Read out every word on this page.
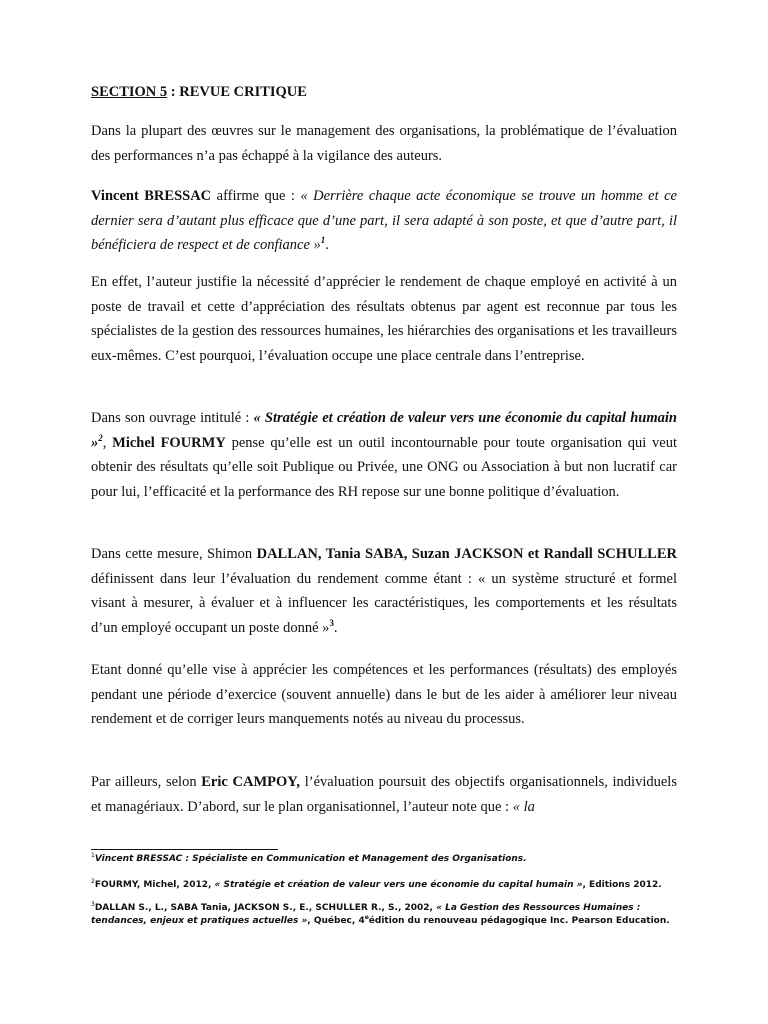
SECTION 5 : REVUE CRITIQUE

Dans la plupart des œuvres sur le management des organisations, la problématique de l’évaluation des performances n’a pas échappé à la vigilance des auteurs.

Vincent BRESSAC affirme que : « Derrière chaque acte économique se trouve un homme et ce dernier sera d’autant plus efficace que d’une part, il sera adapté à son poste, et que d’autre part, il bénéficiera de respect et de confiance »$^1$.

En effet, l’auteur justifie la nécessité d’apprécier le rendement de chaque employé en activité à un poste de travail et cette d’appréciation des résultats obtenus par agent est reconnue par tous les spécialistes de la gestion des ressources humaines, les hiérarchies des organisations et les travailleurs eux-mêmes. C’est pourquoi, l’évaluation occupe une place centrale dans l’entreprise.

Dans son ouvrage intitulé : « Stratégie et création de valeur vers une économie du capital humain »$^2$, Michel FOURMY pense qu’elle est un outil incontournable pour toute organisation qui veut obtenir des résultats qu’elle soit Publique ou Privée, une ONG ou Association à but non lucratif car pour lui, l’efficacité et la performance des RH repose sur une bonne politique d’évaluation.

Dans cette mesure, Shimon DALLAN, Tania SABA, Suzan JACKSON et Randall SCHULLER définissent dans leur l’évaluation du rendement comme étant : « un système structuré et formel visant à mesurer, à évaluer et à influencer les caractéristiques, les comportements et les résultats d’un employé occupant un poste donné »$^3$.

Etant donné qu’elle vise à apprécier les compétences et les performances (résultats) des employés pendant une période d’exercice (souvent annuelle) dans le but de les aider à améliorer leur niveau rendement et de corriger leurs manquements notés au niveau du processus.

Par ailleurs, selon Eric CAMPOY, l’évaluation poursuit des objectifs organisationnels, individuels et managériaux. D’abord, sur le plan organisationnel, l’auteur note que : « la

$^1$Vincent BRESSAC : Spécialiste en Communication et Management des Organisations.

$^2$FOURMY, Michel, 2012, « Stratégie et création de valeur vers une économie du capital humain », Editions 2012.

$^3$DALLAN S., L., SABA Tania, JACKSON S., E., SCHULLER R., S., 2002, « La Gestion des Ressources Humaines : tendances, enjeux et pratiques actuelles », Québec, 4eédition du renouveau pédagogique Inc. Pearson Education.
